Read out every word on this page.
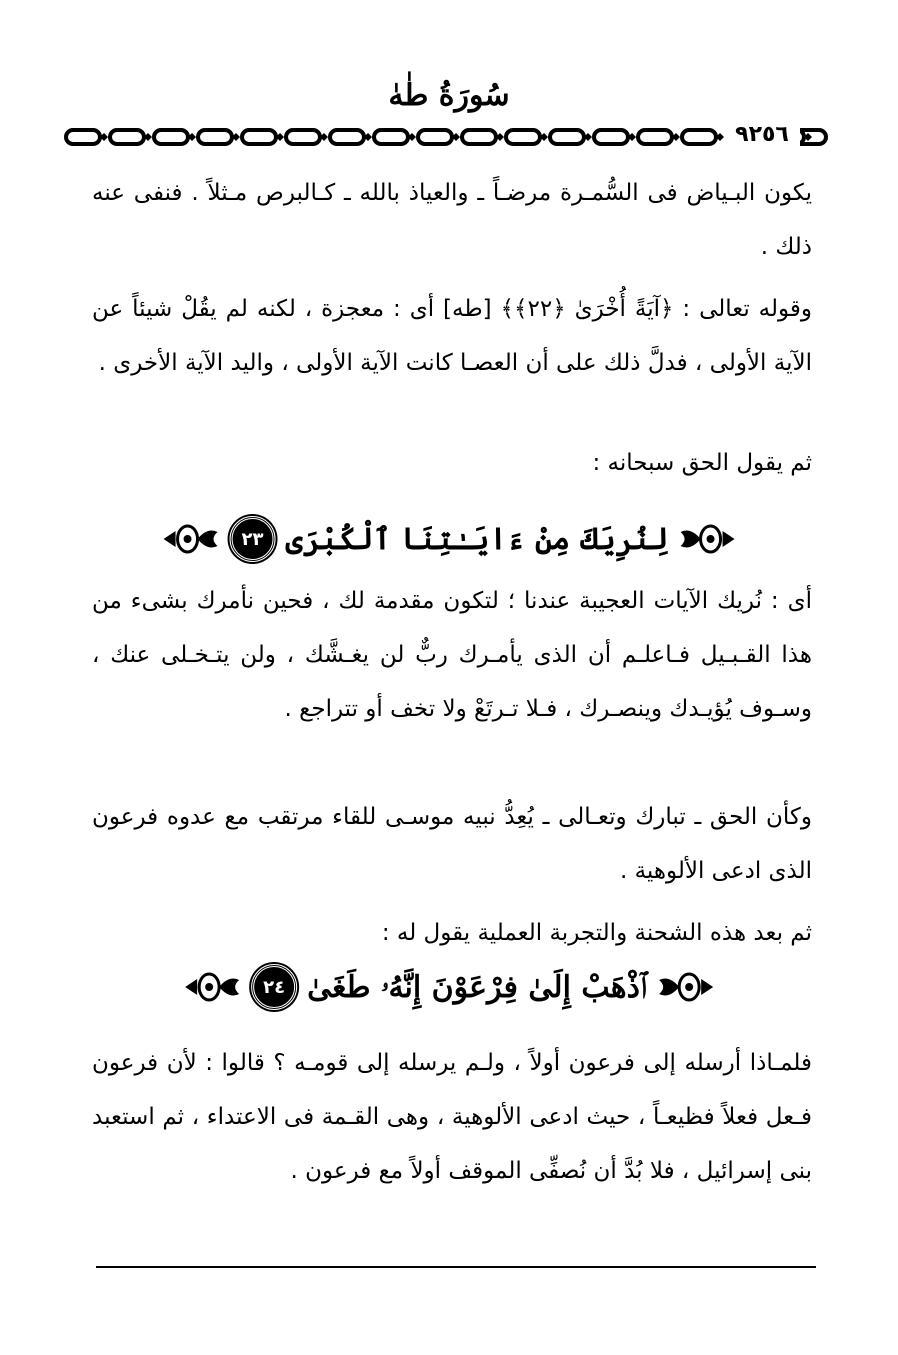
سُورَةُ طٰهٰ
٩٢٥٦

يكون البـياض فى السُّمـرة مرضـاً ـ والعياذ بالله ـ كـالبرص مـثلاً . فنفى عنه ذلك .

وقوله تعالى : ﴿آيَةً أُخْرَىٰ ﴿٢٢﴾﴾ [طه] أى : معجزة ، لكنه لم يقُلْ شيئاً عن الآية الأولى ، فدلَّ ذلك على أن العصـا كانت الآية الأولى ، واليد الآية الأخرى .

ثم يقول الحق سبحانه :

٢٣ لِنُرِيَكَ مِنْ ءَايَـٰتِنَا ٱلْكُبْرَى

أى : نُريك الآيات العجيبة عندنا ؛ لتكون مقدمة لك ، فحين نأمرك بشىء من هذا القـبـيل فـاعلـم أن الذى يأمـرك ربٌّ لن يغـشَّك ، ولن يتـخـلى عنك ، وسـوف يُؤيـدك وينصـرك ، فـلا تـرتَعْ ولا تخف أو تتراجع .

وكأن الحق ـ تبارك وتعـالى ـ يُعِدُّ نبيه موسـى للقاء مرتقب مع عدوه فرعون الذى ادعى الألوهية .

ثم بعد هذه الشحنة والتجربة العملية يقول له :

٢٤ ٱذْهَبْ إِلَىٰ فِرْعَوْنَ إِنَّهُۥ طَغَىٰ

فلمـاذا أرسله إلى فرعون أولاً ، ولـم يرسله إلى قومـه ؟ قالوا : لأن فرعون فـعل فعلاً فظيعـاً ، حيث ادعى الألوهية ، وهى القـمة فى الاعتداء ، ثم استعبد بنى إسرائيل ، فلا بُدَّ أن نُصفِّى الموقف أولاً مع فرعون .
